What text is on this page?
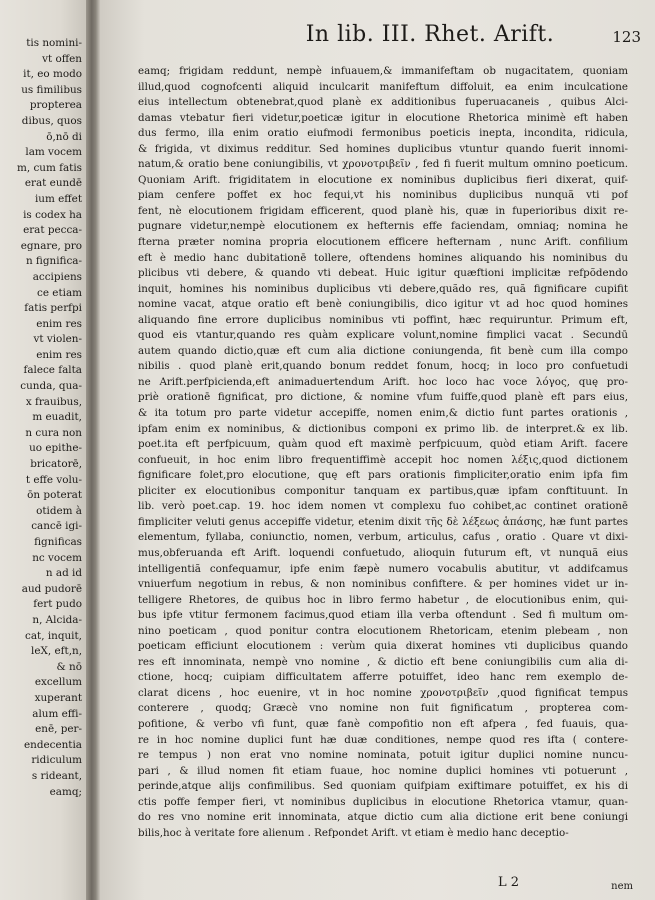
tis nomini-
vt offen
it, eo modo
us fimilibus
propterea
dibus, quos
ō,nō di
lam vocem
m, cum fatis
erat eundē
ium effet
is codex ha
erat pecca-
egnare, pro
n fignifica-
accipiens
ce etiam
fatis perfpi
enim res
vt violen-
enim res
falece falta
cunda, qua-
x frauibus,
m euadit,
n cura non
uo epithe-
bricatorē,
t effe volu-
ōn poterat
otidem à
cancē igi-
fignificas
nc vocem
n ad id
aud pudorē
fert pudo
n, Alcida-
cat, inquit,
leX, eft,n,
& nō
excellum
xuperant
alum effi-
enē, per-
endecentia
ridiculum
s rideant,
eamq;
In lib. III. Rhet. Arift.	123
eamq; frigidam reddunt, nempè infuauem,& immanifeftam ob nugacitatem, quoniam
illud,quod cognofcenti aliquid inculcarit manifeftum diffoluit, ea enim inculcatione
eius intellectum obtenebrat,quod planè ex additionibus fuperuacaneis , quibus Alci-
damas vtebatur fieri videtur,poeticæ igitur in elocutione Rhetorica minimè eft haben
dus fermo, illa enim oratio eiufmodi fermonibus poeticis inepta, incondita, ridicula,
& frigida, vt diximus redditur. Sed homines duplicibus vtuntur quando fuerit innomi-
natum,& oratio bene coniungibilis, vt χρονοτριβεῖν , fed fi fuerit multum omnino poeticum.
Quoniam Arift. frigiditatem in elocutione ex nominibus duplicibus fieri dixerat, quif-
piam cenfere poffet ex hoc fequi,vt his nominibus duplicibus nunquã vti pof
fent, nè elocutionem frigidam efficerent, quod planè his, quæ in fuperioribus dixit re-
pugnare videtur,nempè elocutionem ex hefternis effe faciendam, omniaq; nomina he
fterna præter nomina propria elocutionem efficere hefternam , nunc Arift. confilium
eft è medio hanc dubitationē tollere, oftendens homines aliquando his nominibus du
plicibus vti debere, & quando vti debeat. Huic igitur quæftioni implicitæ refpõdendo
inquit, homines his nominibus duplicibus vti debere,quãdo res, quã fignificare cupifit
nomine vacat, atque oratio eft benè coniungibilis, dico igitur vt ad hoc quod homines
aliquando fine errore duplicibus nominibus vti poffint, hæc requiruntur. Primum eft,
quod eis vtantur,quando res quàm explicare volunt,nomine fimplici vacat . Secundū
autem quando dictio,quæ eft cum alia dictione coniungenda, fit benè cum illa compo
nibilis . quod planè erit,quando bonum reddet fonum, hocq; in loco pro confuetudi
ne Arift.perfpicienda,eft animaduertendum Arift. hoc loco hac voce λόγος, quę pro-
priè orationē fignificat, pro dictione, & nomine vfum fuiffe,quod planè eft pars eius,
& ita totum pro parte videtur accepiffe, nomen enim,& dictio funt partes orationis ,
ipfam enim ex nominibus, & dictionibus componi ex primo lib. de interpret.& ex lib.
poet.ita eft perfpicuum, quàm quod eft maximè perfpicuum, quòd etiam Arift. facere
confueuit, in hoc enim libro frequentiffimè accepit hoc nomen λέξις,quod dictionem
fignificare folet,pro elocutione, quę eft pars orationis fimpliciter,oratio enim ipfa fim
pliciter ex elocutionibus componitur tanquam ex partibus,quæ ipfam conftituunt. In
lib. verò poet.cap. 19. hoc idem nomen vt complexu fuo cohibet,ac continet orationē
fimpliciter veluti genus accepiffe videtur, etenim dixit τῆς δὲ λέξεως ἁπάσης, hæ funt partes
elementum, fyllaba, coniunctio, nomen, verbum, articulus, cafus , oratio . Quare vt dixi-
mus,obferuanda eft Arift. loquendi confuetudo, alioquin futurum eft, vt nunquã eius
intelligentiã confequamur, ipfe enim fæpè numero vocabulis abutitur, vt addifcamus
vniuerfum negotium in rebus, & non nominibus confiftere. & per homines videt ur in-
telligere Rhetores, de quibus hoc in libro fermo habetur , de elocutionibus enim, qui-
bus ipfe vtitur fermonem facimus,quod etiam illa verba oftendunt . Sed fi multum om-
nino poeticam , quod ponitur contra elocutionem Rhetoricam, etenim plebeam , non
poeticam efficiunt elocutionem : verùm quia dixerat homines vti duplicibus quando
res eft innominata, nempè vno nomine , & dictio eft bene coniungibilis cum alia di-
ctione, hocq; cuipiam difficultatem afferre potuiffet, ideo hanc rem exemplo de-
clarat dicens , hoc euenire, vt in hoc nomine χρονοτριβεῖν ,quod fignificat tempus
conterere , quodq; Græcè vno nomine non fuit fignificatum , propterea com-
pofitione, & verbo vfi funt, quæ fanè compofitio non eft afpera , fed fuauis, qua-
re in hoc nomine duplici funt hæ duæ conditiones, nempe quod res ifta ( contere-
re tempus ) non erat vno nomine nominata, potuit igitur duplici nomine nuncu-
pari , & illud nomen fit etiam fuaue, hoc nomine duplici homines vti potuerunt ,
perinde,atque alijs confimilibus. Sed quoniam quifpiam exiftimare potuiffet, ex his di
ctis poffe femper fieri, vt nominibus duplicibus in elocutione Rhetorica vtamur, quan-
do res vno nomine erit innominata, atque dictio cum alia dictione erit bene coniungi
bilis,hoc à veritate fore alienum . Refpondet Arift. vt etiam è medio hanc deceptio-
L 2	nem
